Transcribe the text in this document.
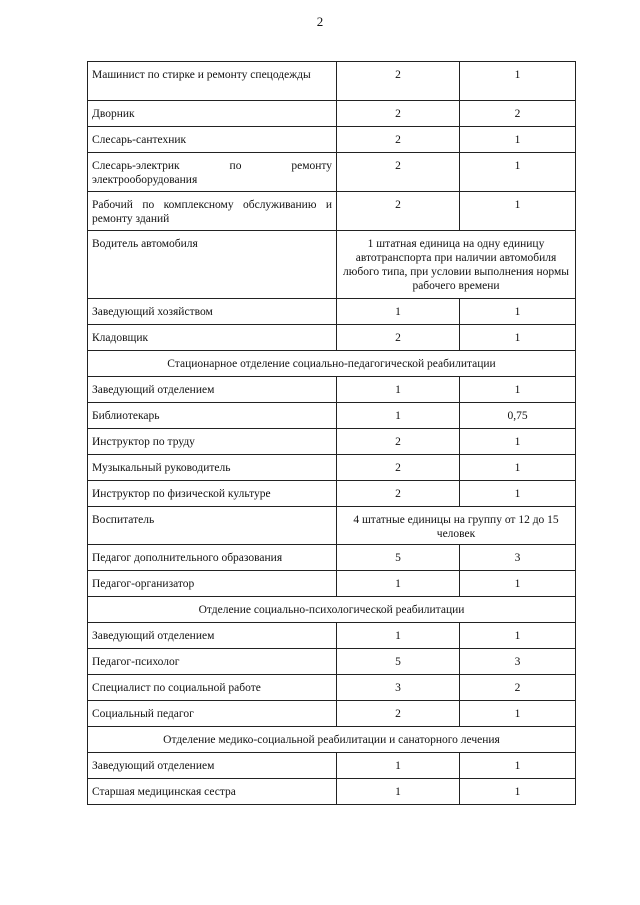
2
Машинист по стирке и ремонту спецодежды	2	1

Дворник	2	2

Слесарь-сантехник	2	1

Слесарь-электрик по ремонту электрооборудования	2	1

Рабочий по комплексному обслуживанию и ремонту зданий	2	1

Водитель автомобиля	1 штатная единица на одну единицу автотранспорта при наличии автомобиля любого типа, при условии выполнения нормы рабочего времени	

Заведующий хозяйством	1	1

Кладовщик	2	1

Стационарное отделение социально-педагогической реабилитации		

Заведующий отделением	1	1

Библиотекарь	1	0,75

Инструктор по труду	2	1

Музыкальный руководитель	2	1

Инструктор по физической культуре	2	1

Воспитатель	4 штатные единицы на группу от 12 до 15 человек	

Педагог дополнительного образования	5	3

Педагог-организатор	1	1

Отделение социально-психологической реабилитации		

Заведующий отделением	1	1

Педагог-психолог	5	3

Специалист по социальной работе	3	2

Социальный педагог	2	1

Отделение медико-социальной реабилитации и санаторного лечения		

Заведующий отделением	1	1

Старшая медицинская сестра	1	1
